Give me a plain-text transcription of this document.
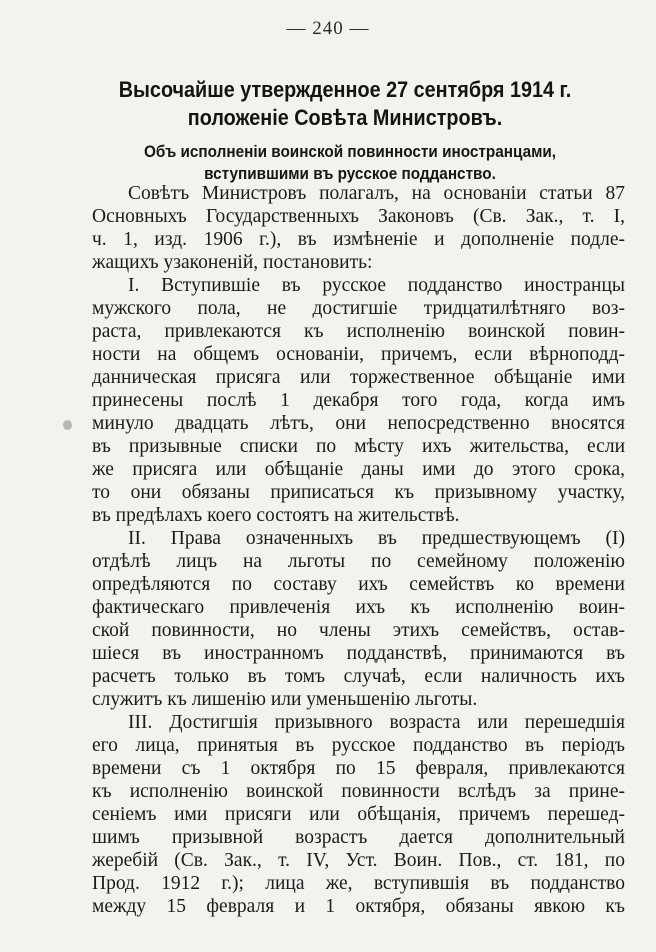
— 240 —
Высочайше утвержденное 27 сентября 1914 г.
положеніе Совѣта Министровъ.
Объ исполненіи воинской повинности иностранцами,
вступившими въ русское подданство.
Совѣтъ Министровъ полагалъ, на основаніи статьи 87
Основныхъ Государственныхъ Законовъ (Св. Зак., т. I,
ч. 1, изд. 1906 г.), въ измѣненіе и дополненіе подле-
жащихъ узаконеній, постановить:
I. Вступившіе въ русское подданство иностранцы
мужского пола, не достигшіе тридцатилѣтняго воз-
раста, привлекаются къ исполненію воинской повин-
ности на общемъ основаніи, причемъ, если вѣрноподд-
данническая присяга или торжественное обѣщаніе ими
принесены послѣ 1 декабря того года, когда имъ
минуло двадцать лѣтъ, они непосредственно вносятся
въ призывные списки по мѣсту ихъ жительства, если
же присяга или обѣщаніе даны ими до этого срока,
то они обязаны приписаться къ призывному участку,
въ предѣлахъ коего состоятъ на жительствѣ.
II. Права означенныхъ въ предшествующемъ (I)
отдѣлѣ лицъ на льготы по семейному положенію
опредѣляются по составу ихъ семействъ ко времени
фактическаго привлеченія ихъ къ исполненію воин-
ской повинности, но члены этихъ семействъ, остав-
шіеся въ иностранномъ подданствѣ, принимаются въ
расчетъ только въ томъ случаѣ, если наличность ихъ
служитъ къ лишенію или уменьшенію льготы.
III. Достигшія призывного возраста или перешедшія
его лица, принятыя въ русское подданство въ періодъ
времени съ 1 октября по 15 февраля, привлекаются
къ исполненію воинской повинности вслѣдъ за прине-
сеніемъ ими присяги или обѣщанія, причемъ перешед-
шимъ призывной возрастъ дается дополнительный
жеребій (Св. Зак., т. IV, Уст. Воин. Пов., ст. 181, по
Прод. 1912 г.); лица же, вступившія въ подданство
между 15 февраля и 1 октября, обязаны явкою къ
